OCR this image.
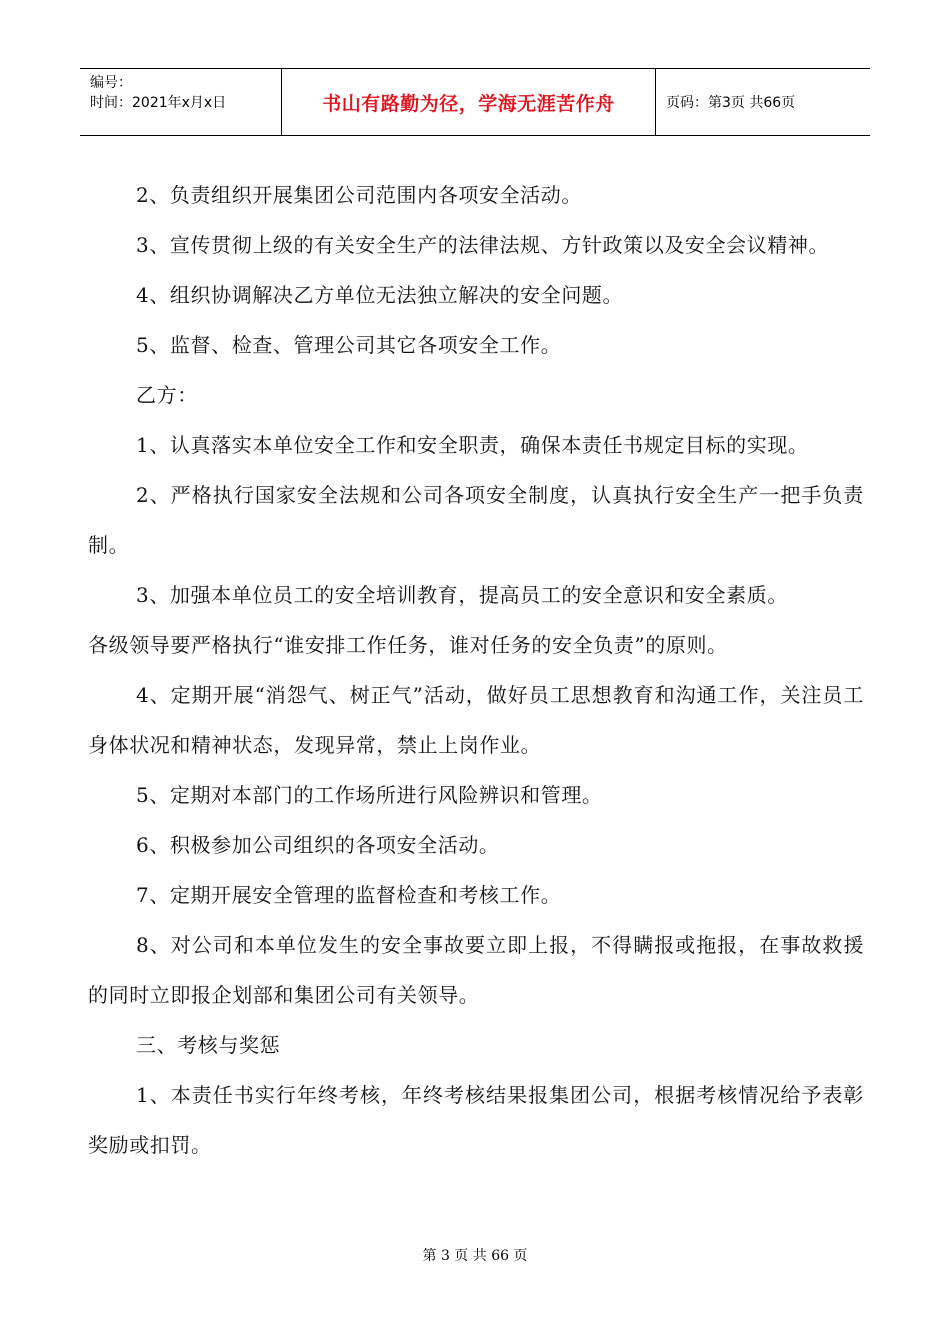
编号：
时间：2021年x月x日	书山有路勤为径，学海无涯苦作舟	页码：第3页 共66页

2、负责组织开展集团公司范围内各项安全活动。

3、宣传贯彻上级的有关安全生产的法律法规、方针政策以及安全会议精神。

4、组织协调解决乙方单位无法独立解决的安全问题。

5、监督、检查、管理公司其它各项安全工作。

乙方：

1、认真落实本单位安全工作和安全职责，确保本责任书规定目标的实现。

2、严格执行国家安全法规和公司各项安全制度，认真执行安全生产一把手负责制。

3、加强本单位员工的安全培训教育，提高员工的安全意识和安全素质。

各级领导要严格执行“谁安排工作任务，谁对任务的安全负责”的原则。

4、定期开展“消怨气、树正气”活动，做好员工思想教育和沟通工作，关注员工身体状况和精神状态，发现异常，禁止上岗作业。

5、定期对本部门的工作场所进行风险辨识和管理。

6、积极参加公司组织的各项安全活动。

7、定期开展安全管理的监督检查和考核工作。

8、对公司和本单位发生的安全事故要立即上报，不得瞒报或拖报，在事故救援的同时立即报企划部和集团公司有关领导。

三、考核与奖惩

1、本责任书实行年终考核，年终考核结果报集团公司，根据考核情况给予表彰奖励或扣罚。

第 3 页 共 66 页
